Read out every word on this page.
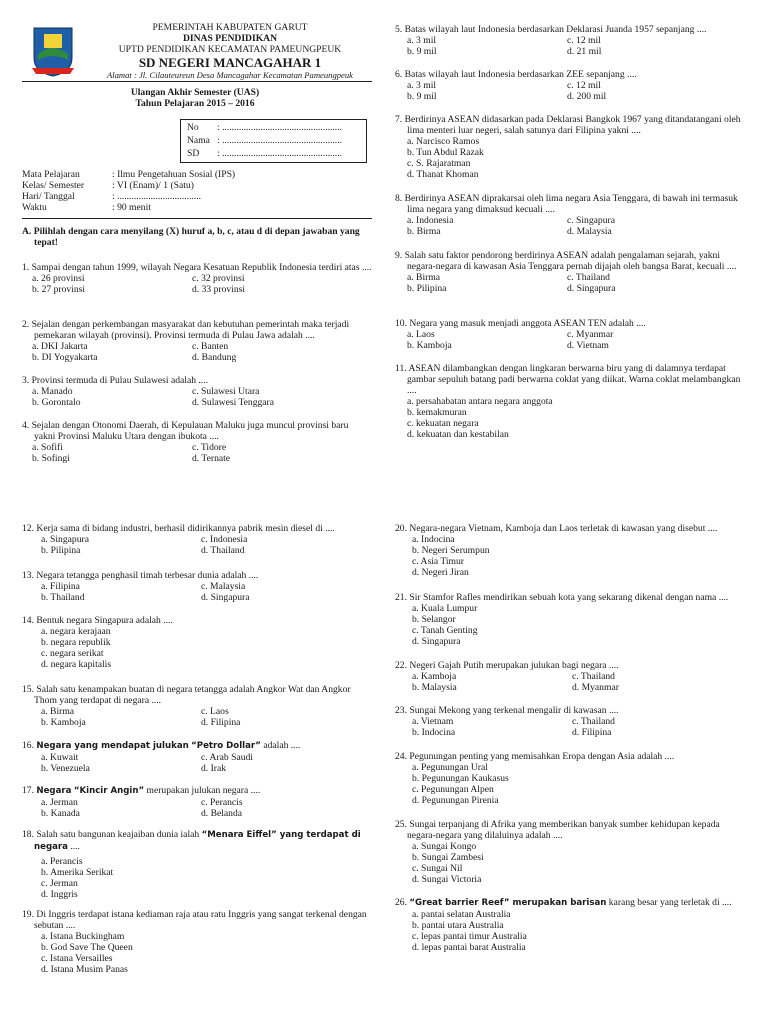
PEMERINTAH KABUPATEN GARUT
DINAS PENDIDIKAN
UPTD PENDIDIKAN KECAMATAN PAMEUNGPEUK
SD NEGERI MANCAGAHAR 1
Alamat : Jl. Cilauteureun Desa Mancagahar Kecamatan Pameungpeuk
Ulangan Akhir Semester (UAS)
Tahun Pelajaran 2015 – 2016
No	: ..................................................
Nama : ..................................................
SD	: ..................................................
Mata Pelajaran	: Ilmu Pengetahuan Sosial (IPS)
Kelas/ Semester	: VI (Enam)/ 1 (Satu)
Hari/ Tanggal	: ...................................
Waktu	: 90 menit
A. Pilihlah dengan cara menyilang (X) huruf a, b, c, atau d di depan jawaban yang tepat!
1. Sampai dengan tahun 1999, wilayah Negara Kesatuan Republik Indonesia terdiri atas ....
a. 26 provinsi	c. 32 provinsi
b. 27 provinsi	d. 33 provinsi
2. Sejalan dengan perkembangan masyarakat dan kebutuhan pemerintah maka terjadi pemekaran wilayah (provinsi). Provinsi termuda di Pulau Jawa adalah ....
a. DKI Jakarta	c. Banten
b. DI Yogyakarta	d. Bandung
3. Provinsi termuda di Pulau Sulawesi adalah ....
a. Manado	c. Sulawesi Utara
b. Gorontalo	d. Sulawesi Tenggara
4. Sejalan dengan Otonomi Daerah, di Kepulauan Maluku juga muncul provinsi baru yakni Provinsi Maluku Utara dengan ibukota ....
a. Sofifi	c. Tidore
b. Sofingi	d. Ternate
5. Batas wilayah laut Indonesia berdasarkan Deklarasi Juanda 1957 sepanjang ....
a. 3 mil	c. 12 mil
b. 9 mil	d. 21 mil
6. Batas wilayah laut Indonesia berdasarkan ZEE sepanjang ....
a. 3 mil	c. 12 mil
b. 9 mil	d. 200 mil
7. Berdirinya ASEAN didasarkan pada Deklarasi Bangkok 1967 yang ditandatangani oleh lima menteri luar negeri, salah satunya dari Filipina yakni ....
a. Narcisco Ramos
b. Tun Abdul Razak
c. S. Rajaratman
d. Thanat Khoman
8. Berdirinya ASEAN diprakarsai oleh lima negara Asia Tenggara, di bawah ini termasuk lima negara yang dimaksud kecuali ....
a. Indonesia	c. Singapura
b. Birma	d. Malaysia
9. Salah satu faktor pendorong berdirinya ASEAN adalah pengalaman sejarah, yakni negara-negara di kawasan Asia Tenggara pernah dijajah oleh bangsa Barat, kecuali ....
a. Birma	c. Thailand
b. Pilipina	d. Singapura
10. Negara yang masuk menjadi anggota ASEAN TEN adalah ....
a. Laos	c. Myanmar
b. Kamboja	d. Vietnam
11. ASEAN dilambangkan dengan lingkaran berwarna biru yang di dalamnya terdapat gambar sepuluh batang padi berwarna coklat yang diikat. Warna coklat melambangkan ....
a. persahabatan antara negara anggota
b. kemakmuran
c. kekuatan negara
d. kekuatan dan kestabilan
12. Kerja sama di bidang industri, berhasil didirikannya pabrik mesin diesel di ....
a. Singapura	c. Indonesia
b. Pilipina	d. Thailand
13. Negara tetangga penghasil timah terbesar dunia adalah ....
a. Filipina	c. Malaysia
b. Thailand	d. Singapura
14. Bentuk negara Singapura adalah ....
a. negara kerajaan
b. negara republik
c. negara serikat
d. negara kapitalis
15. Salah satu kenampakan buatan di negara tetangga adalah Angkor Wat dan Angkor Thom yang terdapat di negara ....
a. Birma	c. Laos
b. Kamboja	d. Filipina
16. Negara yang mendapat julukan “Petro Dollar” adalah ....
a. Kuwait	c. Arab Saudi
b. Venezuela	d. Irak
17. Negara “Kincir Angin” merupakan julukan negara ....
a. Jerman	c. Perancis
b. Kanada	d. Belanda
18. Salah satu bangunan keajaiban dunia ialah “Menara Eiffel” yang terdapat di negara ....
a. Perancis
b. Amerika Serikat
c. Jerman
d. Inggris
19. Di Inggris terdapat istana kediaman raja atau ratu Inggris yang sangat terkenal dengan sebutan ....
a. Istana Buckingham
b. God Save The Queen
c. Istana Versailles
d. Istana Musim Panas
20. Negara-negara Vietnam, Kamboja dan Laos terletak di kawasan yang disebut ....
a. Indocina
b. Negeri Serumpun
c. Asia Timur
d. Negeri Jiran
21. Sir Stamfor Rafles mendirikan sebuah kota yang sekarang dikenal dengan nama ....
a. Kuala Lumpur
b. Selangor
c. Tanah Genting
d. Singapura
22. Negeri Gajah Putih merupakan julukan bagi negara ....
a. Kamboja	c. Thailand
b. Malaysia	d. Myanmar
23. Sungai Mekong yang terkenal mengalir di kawasan ....
a. Vietnam	c. Thailand
b. Indocina	d. Filipina
24. Pegunungan penting yang memisahkan Eropa dengan Asia adalah ....
a. Pegunungan Ural
b. Pegunungan Kaukasus
c. Pegunungan Alpen
d. Pegunungan Pirenia
25. Sungai terpanjang di Afrika yang memberikan banyak sumber kehidupan kepada negara-negara yang dilaluinya adalah ....
a. Sungai Kongo
b. Sungai Zambesi
c. Sungai Nil
d. Sungai Victoria
26. “Great barrier Reef” merupakan barisan karang besar yang terletak di ....
a. pantai selatan Australia
b. pantai utara Australia
c. lepas pantai timur Australia
d. lepas pantai barat Australia
